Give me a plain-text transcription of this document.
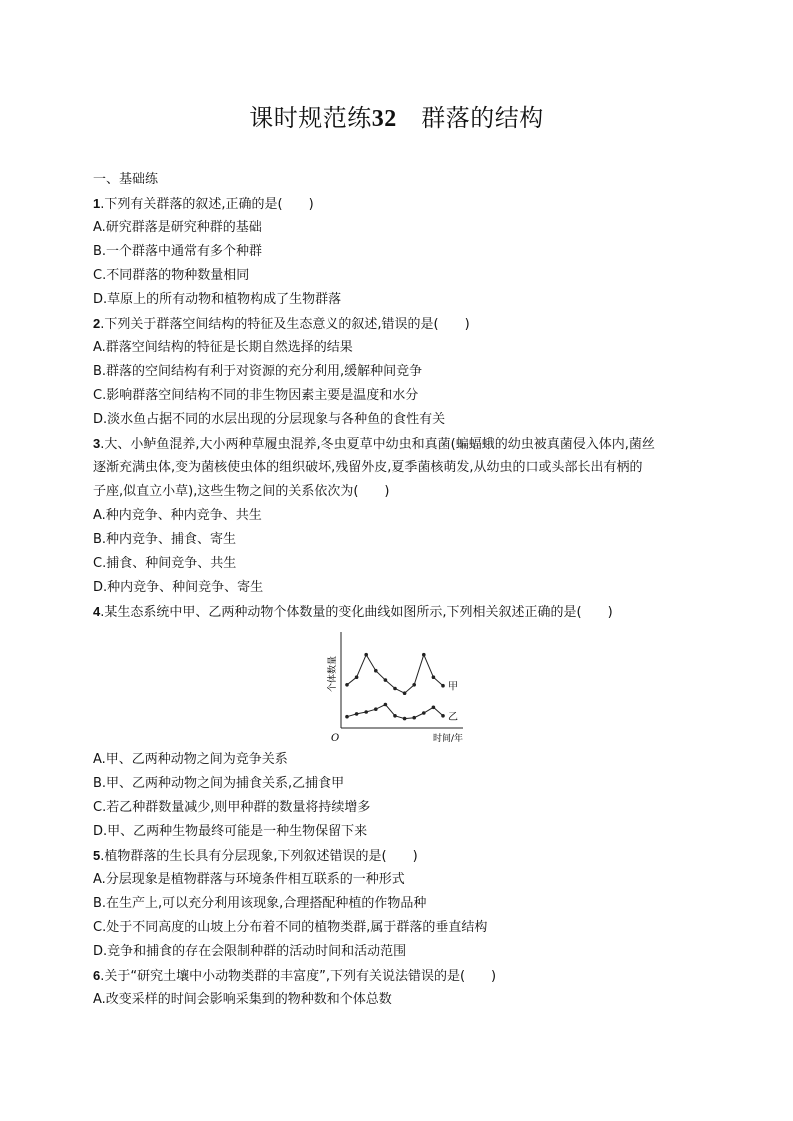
课时规范练32　 群落的结构
一、基础练
1.下列有关群落的叙述,正确的是(　　)
A.研究群落是研究种群的基础
B.一个群落中通常有多个种群
C.不同群落的物种数量相同
D.草原上的所有动物和植物构成了生物群落
2.下列关于群落空间结构的特征及生态意义的叙述,错误的是(　　)
A.群落空间结构的特征是长期自然选择的结果
B.群落的空间结构有利于对资源的充分利用,缓解种间竞争
C.影响群落空间结构不同的非生物因素主要是温度和水分
D.淡水鱼占据不同的水层出现的分层现象与各种鱼的食性有关
3.大、小鲈鱼混养,大小两种草履虫混养,冬虫夏草中幼虫和真菌(蝙蝠蛾的幼虫被真菌侵入体内,菌丝
逐渐充满虫体,变为菌核使虫体的组织破坏,残留外皮,夏季菌核萌发,从幼虫的口或头部长出有柄的
子座,似直立小草),这些生物之间的关系依次为(　　)
A.种内竞争、种内竞争、共生
B.种内竞争、捕食、寄生
C.捕食、种间竞争、共生
D.种内竞争、种间竞争、寄生
4.某生态系统中甲、乙两种动物个体数量的变化曲线如图所示,下列相关叙述正确的是(　　)
个体数量
O	时间/年
甲
乙
A.甲、乙两种动物之间为竞争关系
B.甲、乙两种动物之间为捕食关系,乙捕食甲
C.若乙种群数量减少,则甲种群的数量将持续增多
D.甲、乙两种生物最终可能是一种生物保留下来
5.植物群落的生长具有分层现象,下列叙述错误的是(　　)
A.分层现象是植物群落与环境条件相互联系的一种形式
B.在生产上,可以充分利用该现象,合理搭配种植的作物品种
C.处于不同高度的山坡上分布着不同的植物类群,属于群落的垂直结构
D.竞争和捕食的存在会限制种群的活动时间和活动范围
6.关于“研究土壤中小动物类群的丰富度”,下列有关说法错误的是(　　)
A.改变采样的时间会影响采集到的物种数和个体总数
